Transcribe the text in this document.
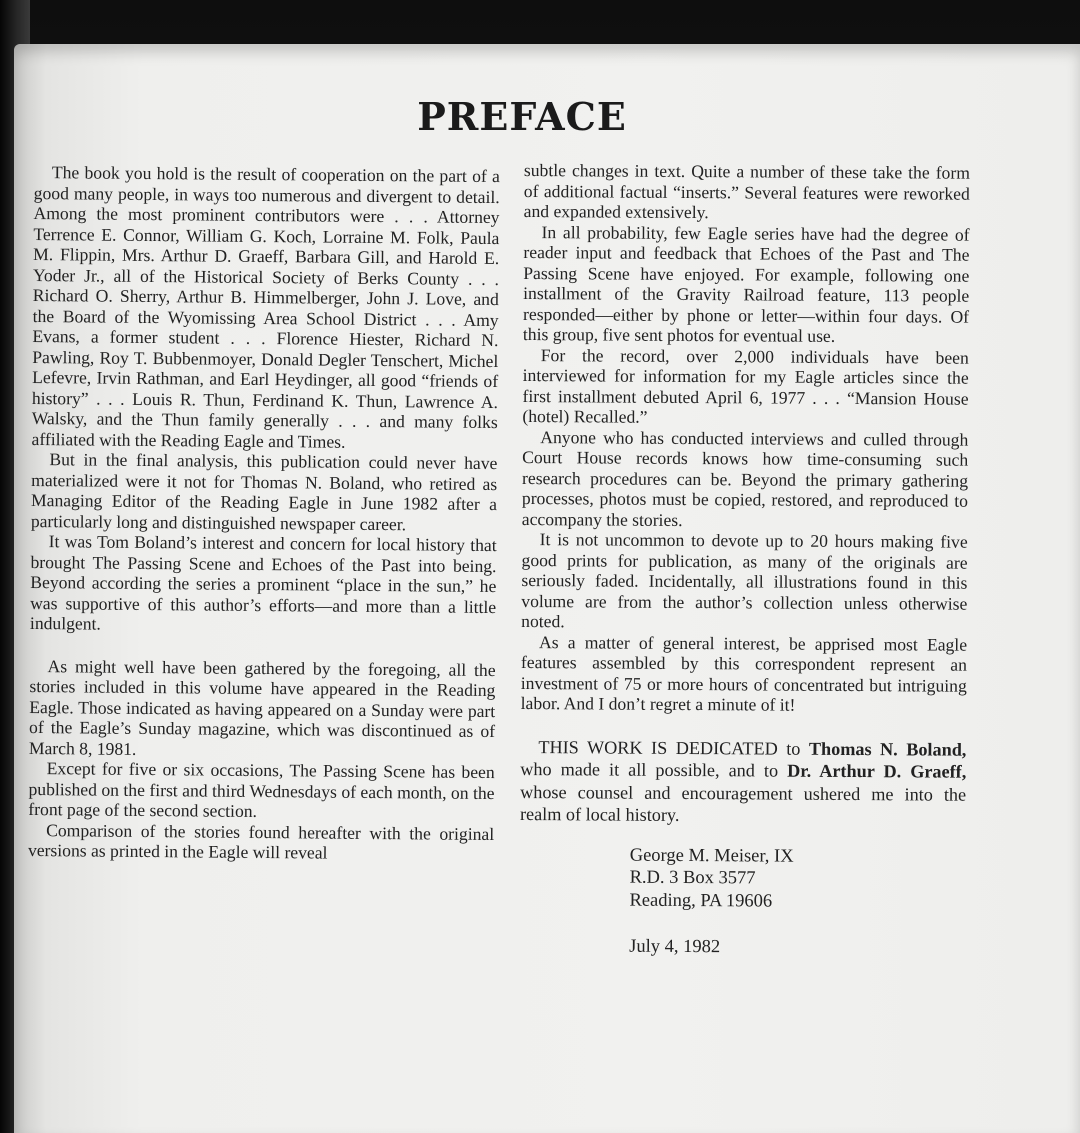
PREFACE

The book you hold is the result of cooperation on the part of a good many people, in ways too numerous and divergent to detail. Among the most prominent contributors were . . . Attorney Terrence E. Connor, William G. Koch, Lorraine M. Folk, Paula M. Flippin, Mrs. Arthur D. Graeff, Barbara Gill, and Harold E. Yoder Jr., all of the Historical Society of Berks County . . . Richard O. Sherry, Arthur B. Himmelberger, John J. Love, and the Board of the Wyomissing Area School District . . . Amy Evans, a former student . . . Florence Hiester, Richard N. Pawling, Roy T. Bubbenmoyer, Donald Degler Tenschert, Michel Lefevre, Irvin Rathman, and Earl Heydinger, all good “friends of history” . . . Louis R. Thun, Ferdinand K. Thun, Lawrence A. Walsky, and the Thun family generally . . . and many folks affiliated with the Reading Eagle and Times.

But in the final analysis, this publication could never have materialized were it not for Thomas N. Boland, who retired as Managing Editor of the Reading Eagle in June 1982 after a particularly long and distinguished newspaper career.

It was Tom Boland’s interest and concern for local history that brought The Passing Scene and Echoes of the Past into being. Beyond according the series a prominent “place in the sun,” he was supportive of this author’s efforts—and more than a little indulgent.

As might well have been gathered by the foregoing, all the stories included in this volume have appeared in the Reading Eagle. Those indicated as having appeared on a Sunday were part of the Eagle’s Sunday magazine, which was discontinued as of March 8, 1981.

Except for five or six occasions, The Passing Scene has been published on the first and third Wednesdays of each month, on the front page of the second section.

Comparison of the stories found hereafter with the original versions as printed in the Eagle will reveal

subtle changes in text. Quite a number of these take the form of additional factual “inserts.” Several features were reworked and expanded extensively.

In all probability, few Eagle series have had the degree of reader input and feedback that Echoes of the Past and The Passing Scene have enjoyed. For example, following one installment of the Gravity Railroad feature, 113 people responded—either by phone or letter—within four days. Of this group, five sent photos for eventual use.

For the record, over 2,000 individuals have been interviewed for information for my Eagle articles since the first installment debuted April 6, 1977 . . . “Mansion House (hotel) Recalled.”

Anyone who has conducted interviews and culled through Court House records knows how time-consuming such research procedures can be. Beyond the primary gathering processes, photos must be copied, restored, and reproduced to accompany the stories.

It is not uncommon to devote up to 20 hours making five good prints for publication, as many of the originals are seriously faded. Incidentally, all illustrations found in this volume are from the author’s collection unless otherwise noted.

As a matter of general interest, be apprised most Eagle features assembled by this correspondent represent an investment of 75 or more hours of concentrated but intriguing labor. And I don’t regret a minute of it!

THIS WORK IS DEDICATED to Thomas N. Boland, who made it all possible, and to Dr. Arthur D. Graeff, whose counsel and encouragement ushered me into the realm of local history.

George M. Meiser, IX
R.D. 3 Box 3577
Reading, PA 19606
July 4, 1982
